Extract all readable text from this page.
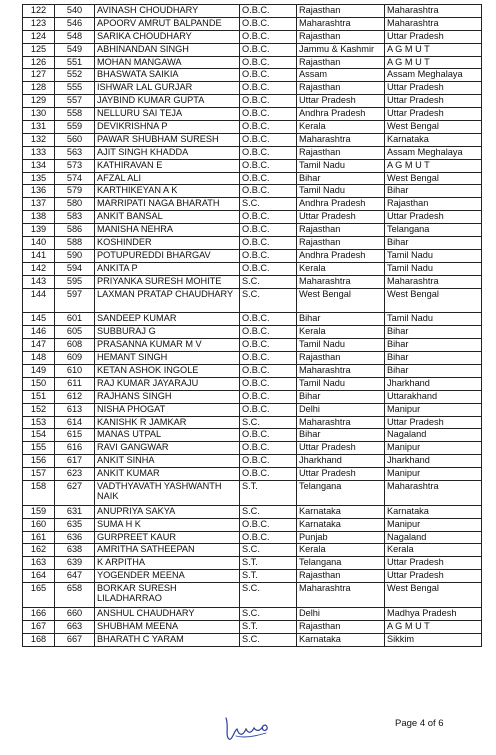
122	540	AVINASH CHOUDHARY	O.B.C.	Rajasthan	Maharashtra
123	546	APOORV AMRUT BALPANDE	O.B.C.	Maharashtra	Maharashtra
124	548	SARIKA CHOUDHARY	O.B.C.	Rajasthan	Uttar Pradesh
125	549	ABHINANDAN SINGH	O.B.C.	Jammu & Kashmir	A G M U T
126	551	MOHAN MANGAWA	O.B.C.	Rajasthan	A G M U T
127	552	BHASWATA SAIKIA	O.B.C.	Assam	Assam Meghalaya
128	555	ISHWAR LAL GURJAR	O.B.C.	Rajasthan	Uttar Pradesh
129	557	JAYBIND KUMAR GUPTA	O.B.C.	Uttar Pradesh	Uttar Pradesh
130	558	NELLURU SAI TEJA	O.B.C.	Andhra Pradesh	Uttar Pradesh
131	559	DEVIKRISHNA P	O.B.C.	Kerala	West Bengal
132	560	PAWAR SHUBHAM SURESH	O.B.C.	Maharashtra	Karnataka
133	563	AJIT SINGH KHADDA	O.B.C.	Rajasthan	Assam Meghalaya
134	573	KATHIRAVAN E	O.B.C.	Tamil Nadu	A G M U T
135	574	AFZAL ALI	O.B.C.	Bihar	West Bengal
136	579	KARTHIKEYAN A K	O.B.C.	Tamil Nadu	Bihar
137	580	MARRIPATI NAGA BHARATH	S.C.	Andhra Pradesh	Rajasthan
138	583	ANKIT BANSAL	O.B.C.	Uttar Pradesh	Uttar Pradesh
139	586	MANISHA NEHRA	O.B.C.	Rajasthan	Telangana
140	588	KOSHINDER	O.B.C.	Rajasthan	Bihar
141	590	POTUPUREDDI BHARGAV	O.B.C.	Andhra Pradesh	Tamil Nadu
142	594	ANKITA P	O.B.C.	Kerala	Tamil Nadu
143	595	PRIYANKA SURESH MOHITE	S.C.	Maharashtra	Maharashtra
144	597	LAXMAN PRATAP CHAUDHARY	S.C.	West Bengal	West Bengal
145	601	SANDEEP KUMAR	O.B.C.	Bihar	Tamil Nadu
146	605	SUBBURAJ G	O.B.C.	Kerala	Bihar
147	608	PRASANNA KUMAR M V	O.B.C.	Tamil Nadu	Bihar
148	609	HEMANT SINGH	O.B.C.	Rajasthan	Bihar
149	610	KETAN ASHOK INGOLE	O.B.C.	Maharashtra	Bihar
150	611	RAJ KUMAR JAYARAJU	O.B.C.	Tamil Nadu	Jharkhand
151	612	RAJHANS SINGH	O.B.C.	Bihar	Uttarakhand
152	613	NISHA PHOGAT	O.B.C.	Delhi	Manipur
153	614	KANISHK R JAMKAR	S.C.	Maharashtra	Uttar Pradesh
154	615	MANAS UTPAL	O.B.C.	Bihar	Nagaland
155	616	RAVI GANGWAR	O.B.C.	Uttar Pradesh	Manipur
156	617	ANKIT SINHA	O.B.C.	Jharkhand	Jharkhand
157	623	ANKIT KUMAR	O.B.C.	Uttar Pradesh	Manipur
158	627	VADTHYAVATH YASHWANTH NAIK	S.T.	Telangana	Maharashtra
159	631	ANUPRIYA SAKYA	S.C.	Karnataka	Karnataka
160	635	SUMA H K	O.B.C.	Karnataka	Manipur
161	636	GURPREET KAUR	O.B.C.	Punjab	Nagaland
162	638	AMRITHA SATHEEPAN	S.C.	Kerala	Kerala
163	639	K ARPITHA	S.T.	Telangana	Uttar Pradesh
164	647	YOGENDER MEENA	S.T.	Rajasthan	Uttar Pradesh
165	658	BORKAR SURESH LILADHARRAO	S.C.	Maharashtra	West Bengal
166	660	ANSHUL CHAUDHARY	S.C.	Delhi	Madhya Pradesh
167	663	SHUBHAM MEENA	S.T.	Rajasthan	A G M U T
168	667	BHARATH C YARAM	S.C.	Karnataka	Sikkim
Page 4 of 6
